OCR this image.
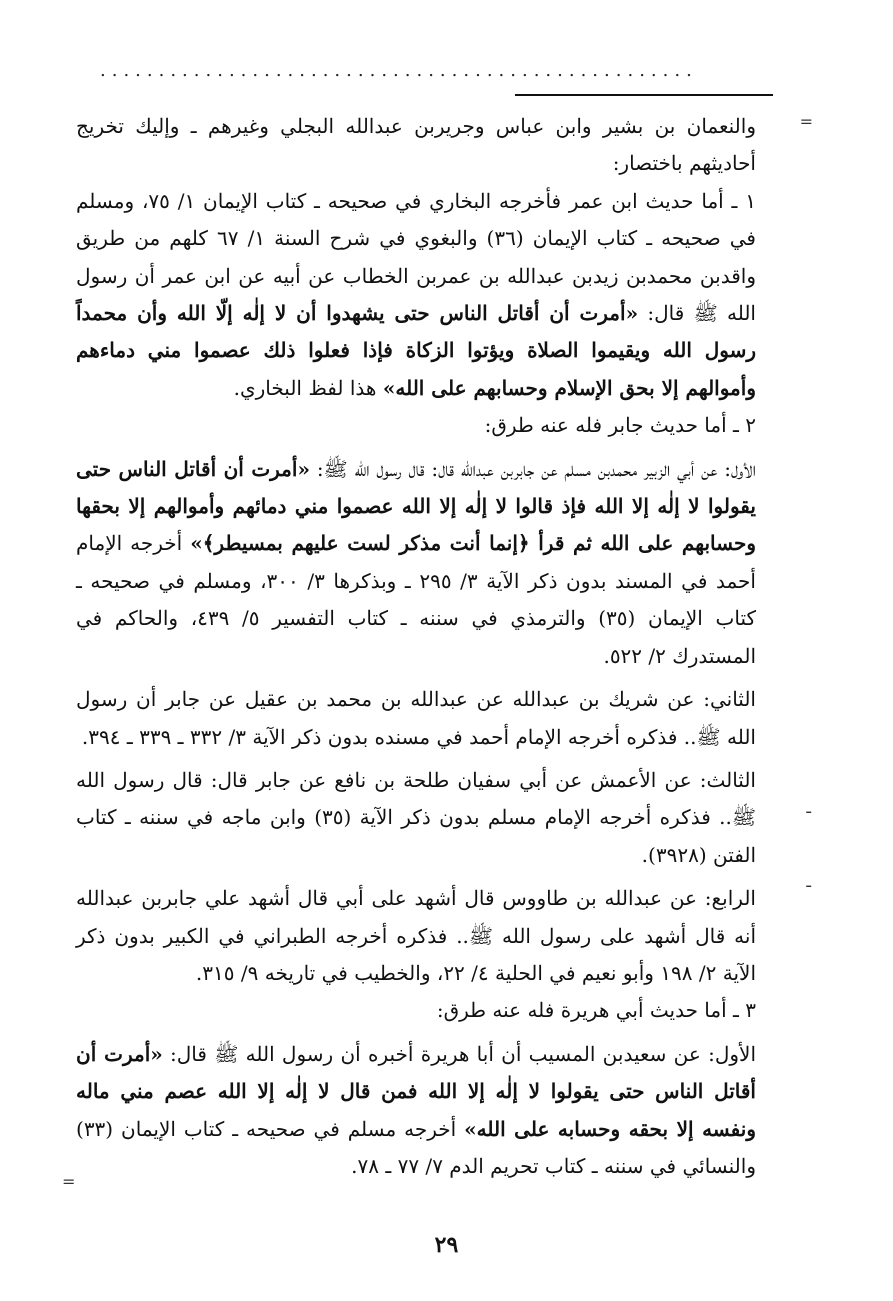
...................................................
=
ـ
ـ
=

والنعمان بن بشير وابن عباس وجريربن عبدالله البجلي وغيرهم ـ وإليك تخريج أحاديثهم باختصار:

١ ـ أما حديث ابن عمر فأخرجه البخاري في صحيحه ـ كتاب الإيمان ١/ ٧٥، ومسلم في صحيحه ـ كتاب الإيمان (٣٦) والبغوي في شرح السنة ١/ ٦٧ كلهم من طريق واقدبن محمدبن زيدبن عبدالله بن عمربن الخطاب عن أبيه عن ابن عمر أن رسول الله ﷺ قال: «أمرت أن أقاتل الناس حتى يشهدوا أن لا إلٰه إلّا الله وأن محمداً رسول الله ويقيموا الصلاة ويؤتوا الزكاة فإذا فعلوا ذلك عصموا مني دماءهم وأموالهم إلا بحق الإسلام وحسابهم على الله» هذا لفظ البخاري.

٢ ـ أما حديث جابر فله عنه طرق:

الأول: عن أبي الزبير محمدبن مسلم عن جابربن عبدالله قال: قال رسول الله ﷺ: «أمرت أن أقاتل الناس حتى يقولوا لا إلٰه إلا الله فإذ قالوا لا إلٰه إلا الله عصموا مني دمائهم وأموالهم إلا بحقها وحسابهم على الله ثم قرأ ﴿إنما أنت مذكر لست عليهم بمسيطر﴾» أخرجه الإمام أحمد في المسند بدون ذكر الآية ٣/ ٢٩٥ ـ وبذكرها ٣/ ٣٠٠، ومسلم في صحيحه ـ كتاب الإيمان (٣٥) والترمذي في سننه ـ كتاب التفسير ٥/ ٤٣٩، والحاكم في المستدرك ٢/ ٥٢٢.

الثاني: عن شريك بن عبدالله عن عبدالله بن محمد بن عقيل عن جابر أن رسول الله ﷺ.. فذكره أخرجه الإمام أحمد في مسنده بدون ذكر الآية ٣/ ٣٣٢ ـ ٣٣٩ ـ ٣٩٤.

الثالث: عن الأعمش عن أبي سفيان طلحة بن نافع عن جابر قال: قال رسول الله ﷺ.. فذكره أخرجه الإمام مسلم بدون ذكر الآية (٣٥) وابن ماجه في سننه ـ كتاب الفتن (٣٩٢٨).

الرابع: عن عبدالله بن طاووس قال أشهد على أبي قال أشهد علي جابربن عبدالله أنه قال أشهد على رسول الله ﷺ.. فذكره أخرجه الطبراني في الكبير بدون ذكر الآية ٢/ ١٩٨ وأبو نعيم في الحلية ٤/ ٢٢، والخطيب في تاريخه ٩/ ٣١٥.

٣ ـ أما حديث أبي هريرة فله عنه طرق:

الأول: عن سعيدبن المسيب أن أبا هريرة أخبره أن رسول الله ﷺ قال: «أمرت أن أقاتل الناس حتى يقولوا لا إلٰه إلا الله فمن قال لا إلٰه إلا الله عصم مني ماله ونفسه إلا بحقه وحسابه على الله» أخرجه مسلم في صحيحه ـ كتاب الإيمان (٣٣) والنسائي في سننه ـ كتاب تحريم الدم ٧/ ٧٧ ـ ٧٨.

٢٩
